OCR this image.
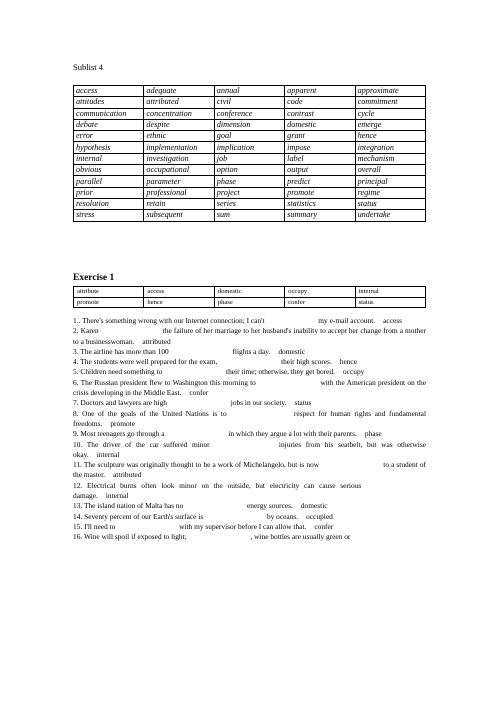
Sublist 4
access	adequate	annual	apparent	approximate
attitudes	attributed	civil	code	commitment
communication	concentration	conference	contrast	cycle
debate	despite	dimension	domestic	emerge
error	ethnic	goal	grant	hence
hypothesis	implementation	implication	impose	integration
internal	investigation	job	label	mechanism
obvious	occupational	option	output	overall
parallel	parameter	phase	predict	principal
prior	professional	project	promote	regime
resolution	retain	series	statistics	status
stress	subsequent	sum	summary	undertake
Exercise 1
attribute	access	domestic	occupy	internal
promote	hence	phase	confer	status

1.. There's something wrong with our Internet connection; I can't	my e-mail account. access

2. Karen	the failure of her marriage to her husband's inability to accept her change from a mother to a businesswoman. attributed

3. The airline has more than 100	flights a day. domestic

4. The students were well prepared for the exam,	their high scores. hence

5. Children need something to	their time; otherwise, they get bored. occupy

6. The Russian president flew to Washington this morning to	with the American president on the crisis developing in the Middle East. confer

7. Doctors and lawyers are high	jobs in our society. status

8. One of the goals of the United Nations is to	respect for human rights and fundamental freedoms. promote

9. Most teenagers go through a	in which they argue a lot with their parents. phase

10. The driver of the car suffered minor	injuries from his seatbelt, but was otherwise okay. internal

11. The sculpture was originally thought to be a work of Michelangelo, but is now	to a student of the master. attributed

12. Electrical burns often look minor on the outside, but electricity can cause serious  damage. internal

13. The island nation of Malta has no	energy sources. domestic

14. Seventy percent of our Earth's surface is	by oceans. occupied

15. I'll need to	with my supervisor before I can allow that. confer

16. Wine will spoil if exposed to light;	, wine bottles are usually green or
